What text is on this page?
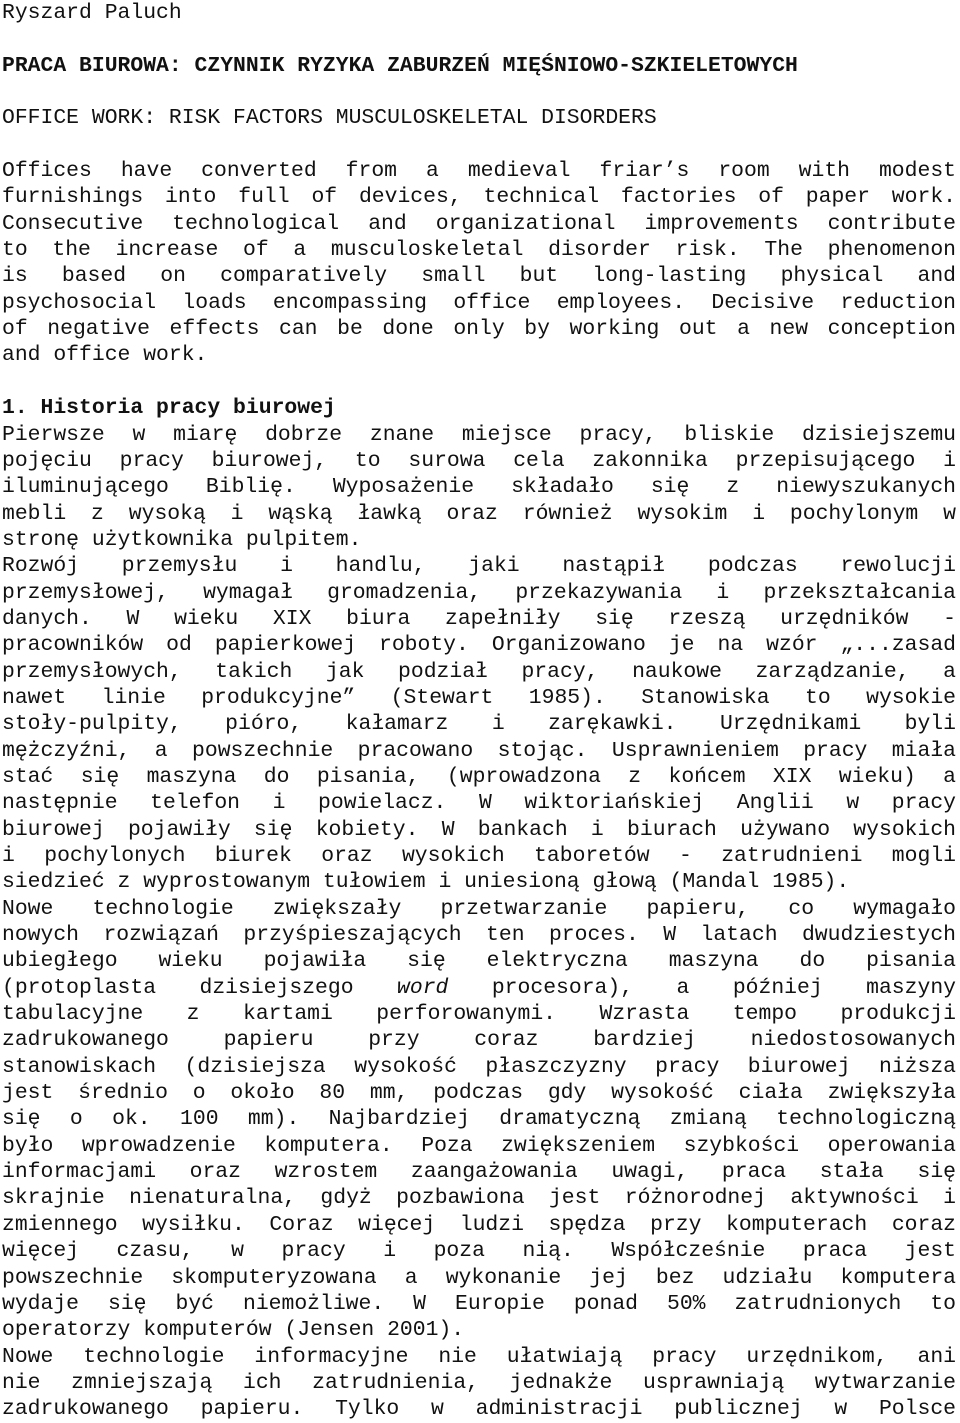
Ryszard Paluch
PRACA BIUROWA: CZYNNIK RYZYKA ZABURZEŃ MIĘŚNIOWO-SZKIELETOWYCH
OFFICE WORK: RISK FACTORS MUSCULOSKELETAL DISORDERS
Offices have converted from a medieval friar’s room with modest
furnishings into full of devices, technical factories of paper work.
Consecutive technological and organizational improvements contribute
to the increase of a musculoskeletal disorder risk. The phenomenon
is based on comparatively small but long-lasting physical and
psychosocial loads encompassing office employees. Decisive reduction
of negative effects can be done only by working out a new conception
and office work.
1. Historia pracy biurowej
Pierwsze w miarę dobrze znane miejsce pracy, bliskie dzisiejszemu
pojęciu pracy biurowej, to surowa cela zakonnika przepisującego i
iluminującego Biblię. Wyposażenie składało się z niewyszukanych
mebli z wysoką i wąską ławką oraz również wysokim i pochylonym w
stronę użytkownika pulpitem.
Rozwój przemysłu i handlu, jaki nastąpił podczas rewolucji
przemysłowej, wymagał gromadzenia, przekazywania i przekształcania
danych. W wieku XIX biura zapełniły się rzeszą urzędników -
pracowników od papierkowej roboty. Organizowano je na wzór „...zasad
przemysłowych, takich jak podział pracy, naukowe zarządzanie, a
nawet linie produkcyjne” (Stewart 1985). Stanowiska to wysokie
stoły-pulpity, pióro, kałamarz i zarękawki. Urzędnikami byli
mężczyźni, a powszechnie pracowano stojąc. Usprawnieniem pracy miała
stać się maszyna do pisania, (wprowadzona z końcem XIX wieku) a
następnie telefon i powielacz. W wiktoriańskiej Anglii w pracy
biurowej pojawiły się kobiety. W bankach i biurach używano wysokich
i pochylonych biurek oraz wysokich taboretów - zatrudnieni mogli
siedzieć z wyprostowanym tułowiem i uniesioną głową (Mandal 1985).
Nowe technologie zwiększały przetwarzanie papieru, co wymagało
nowych rozwiązań przyśpieszających ten proces. W latach dwudziestych
ubiegłego wieku pojawiła się elektryczna maszyna do pisania
(protoplasta dzisiejszego word procesora), a później maszyny
tabulacyjne z kartami perforowanymi. Wzrasta tempo produkcji
zadrukowanego papieru przy coraz bardziej niedostosowanych
stanowiskach (dzisiejsza wysokość płaszczyzny pracy biurowej niższa
jest średnio o około 80 mm, podczas gdy wysokość ciała zwiększyła
się o ok. 100 mm). Najbardziej dramatyczną zmianą technologiczną
było wprowadzenie komputera. Poza zwiększeniem szybkości operowania
informacjami oraz wzrostem zaangażowania uwagi, praca stała się
skrajnie nienaturalna, gdyż pozbawiona jest różnorodnej aktywności i
zmiennego wysiłku. Coraz więcej ludzi spędza przy komputerach coraz
więcej czasu, w pracy i poza nią. Współcześnie praca jest
powszechnie skomputeryzowana a wykonanie jej bez udziału komputera
wydaje się być niemożliwe. W Europie ponad 50% zatrudnionych to
operatorzy komputerów (Jensen 2001).
Nowe technologie informacyjne nie ułatwiają pracy urzędnikom, ani
nie zmniejszają ich zatrudnienia, jednakże usprawniają wytwarzanie
zadrukowanego papieru. Tylko w administracji publicznej w Polsce
